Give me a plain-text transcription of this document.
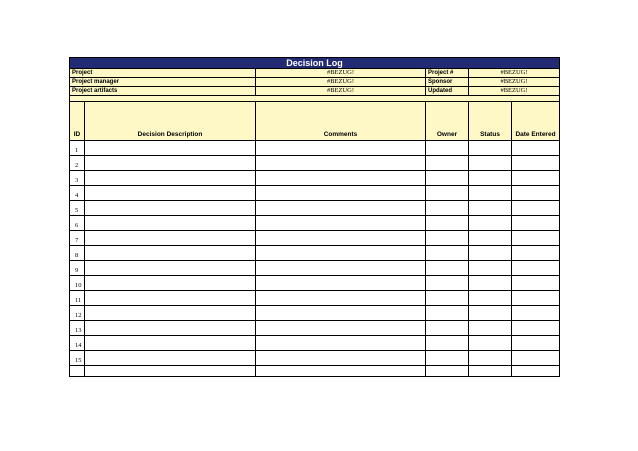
Decision Log					
Project		#BEZUG!	Project #	#BEZUG!	
Project manager		#BEZUG!	Sponsor	#BEZUG!	
Project artifacts		#BEZUG!	Updated	#BEZUG!	

ID	Decision Description	Comments	Owner	Status	Date Entered
1					
2					
3					
4					
5					
6					
7					
8					
9					
10					
11					
12					
13					
14					
15					
